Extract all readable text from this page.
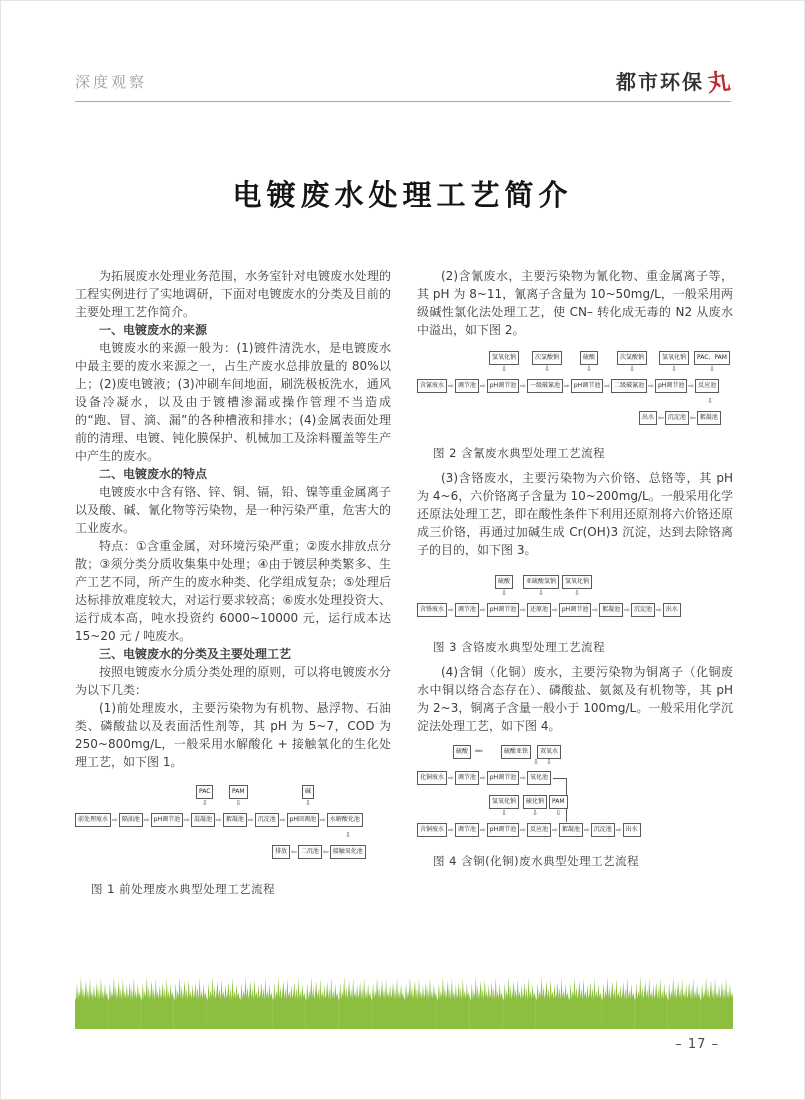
深度观察	都市环保 丸
电镀废水处理工艺简介

为拓展废水处理业务范围，水务室针对电镀废水处理的工程实例进行了实地调研，下面对电镀废水的分类及目前的主要处理工艺作简介。

一、电镀废水的来源

电镀废水的来源一般为：(1)镀件清洗水，是电镀废水中最主要的废水来源之一，占生产废水总排放量的 80%以上；(2)废电镀液；(3)冲刷车间地面，刷洗极板洗水，通风设备冷凝水，以及由于镀槽渗漏或操作管理不当造成的“跑、冒、滴、漏”的各种槽液和排水；(4)金属表面处理前的清理、电镀、钝化膜保护、机械加工及涂料覆盖等生产中产生的废水。

二、电镀废水的特点

电镀废水中含有铬、锌、铜、镉，铅、镍等重金属离子以及酸、碱、氰化物等污染物，是一种污染严重，危害大的工业废水。

特点：①含重金属，对环境污染严重；②废水排放点分散；③须分类分质收集集中处理；④由于镀层种类繁多、生产工艺不同，所产生的废水种类、化学组成复杂；⑤处理后达标排放难度较大，对运行要求较高；⑥废水处理投资大、运行成本高，吨水投资约 6000~10000 元，运行成本达 15~20 元 / 吨废水。

三、电镀废水的分类及主要处理工艺

按照电镀废水分质分类处理的原则，可以将电镀废水分为以下几类：

(1)前处理废水，主要污染物为有机物、悬浮物、石油类、磷酸盐以及表面活性剂等，其 pH 为 5~7，COD 为 250~800mg/L，一般采用水解酸化 + 接触氧化的生化处理工艺，如下图 1。

PAC
⇩
PAM
⇩
碱
⇩
前处理废水 ⇨ 隔油池 ⇨ pH调节池 ⇨ 混凝池 ⇨ 絮凝池 ⇨ 沉淀池 ⇨ pH回调池 ⇨ 水解酸化池
⇩
排放 ⇦ 二沉池 ⇦ 接触氧化池
图 1 前处理废水典型处理工艺流程

(2)含氰废水，主要污染物为氰化物、重金属离子等，其 pH 为 8~11，氰离子含量为 10~50mg/L，一般采用两级碱性氯化法处理工艺，使 CN– 转化成无毒的 N2 从废水中溢出，如下图 2。

氢氧化钠
⇩
次氯酸钠
⇩
硫酸
⇩
次氯酸钠
⇩
氢氧化钠
⇩
PAC、PAM
⇩
含氰废水 ⇨ 调节池 ⇨ pH调节池 ⇨ 一级破氰池 ⇨ pH调节池 ⇨ 二级破氰池 ⇨ pH调节池 ⇨ 反应池
⇩
出水 ⇦ 沉淀池 ⇦ 絮凝池
图 2 含氰废水典型处理工艺流程

(3)含铬废水，主要污染物为六价铬、总铬等，其 pH 为 4~6，六价铬离子含量为 10~200mg/L。一般采用化学还原法处理工艺，即在酸性条件下利用还原剂将六价铬还原成三价铬，再通过加碱生成 Cr(OH)3 沉淀，达到去除铬离子的目的，如下图 3。

硫酸
⇩
亚硫酸氢钠
⇩
氢氧化钠
⇩
含铬废水 ⇨ 调节池 ⇨ pH调节池 ⇨ 还原池 ⇨ pH调节池 ⇨ 絮凝池 ⇨ 沉淀池 ⇨ 出水
图 3 含铬废水典型处理工艺流程

(4)含铜（化铜）废水，主要污染物为铜离子（化铜废水中铜以络合态存在）、磷酸盐、氨氮及有机物等，其 pH 为 2~3，铜离子含量一般小于 100mg/L。一般采用化学沉淀法处理工艺，如下图 4。

硫酸 ══	硫酸亚铁	双氧水
⇩ ⇩
化铜废水 ⇨ 调节池 ⇨ pH调节池 ⇨ 氧化池
氢氧化钠
⇩
硫化钠
⇩
PAM
⇩
含铜废水 ⇨ 调节池 ⇨ pH调节池 ⇨ 反应池 ⇨ 絮凝池 ⇨ 沉淀池 ⇨ 出水
图 4 含铜(化铜)废水典型处理工艺流程
– 17 –
